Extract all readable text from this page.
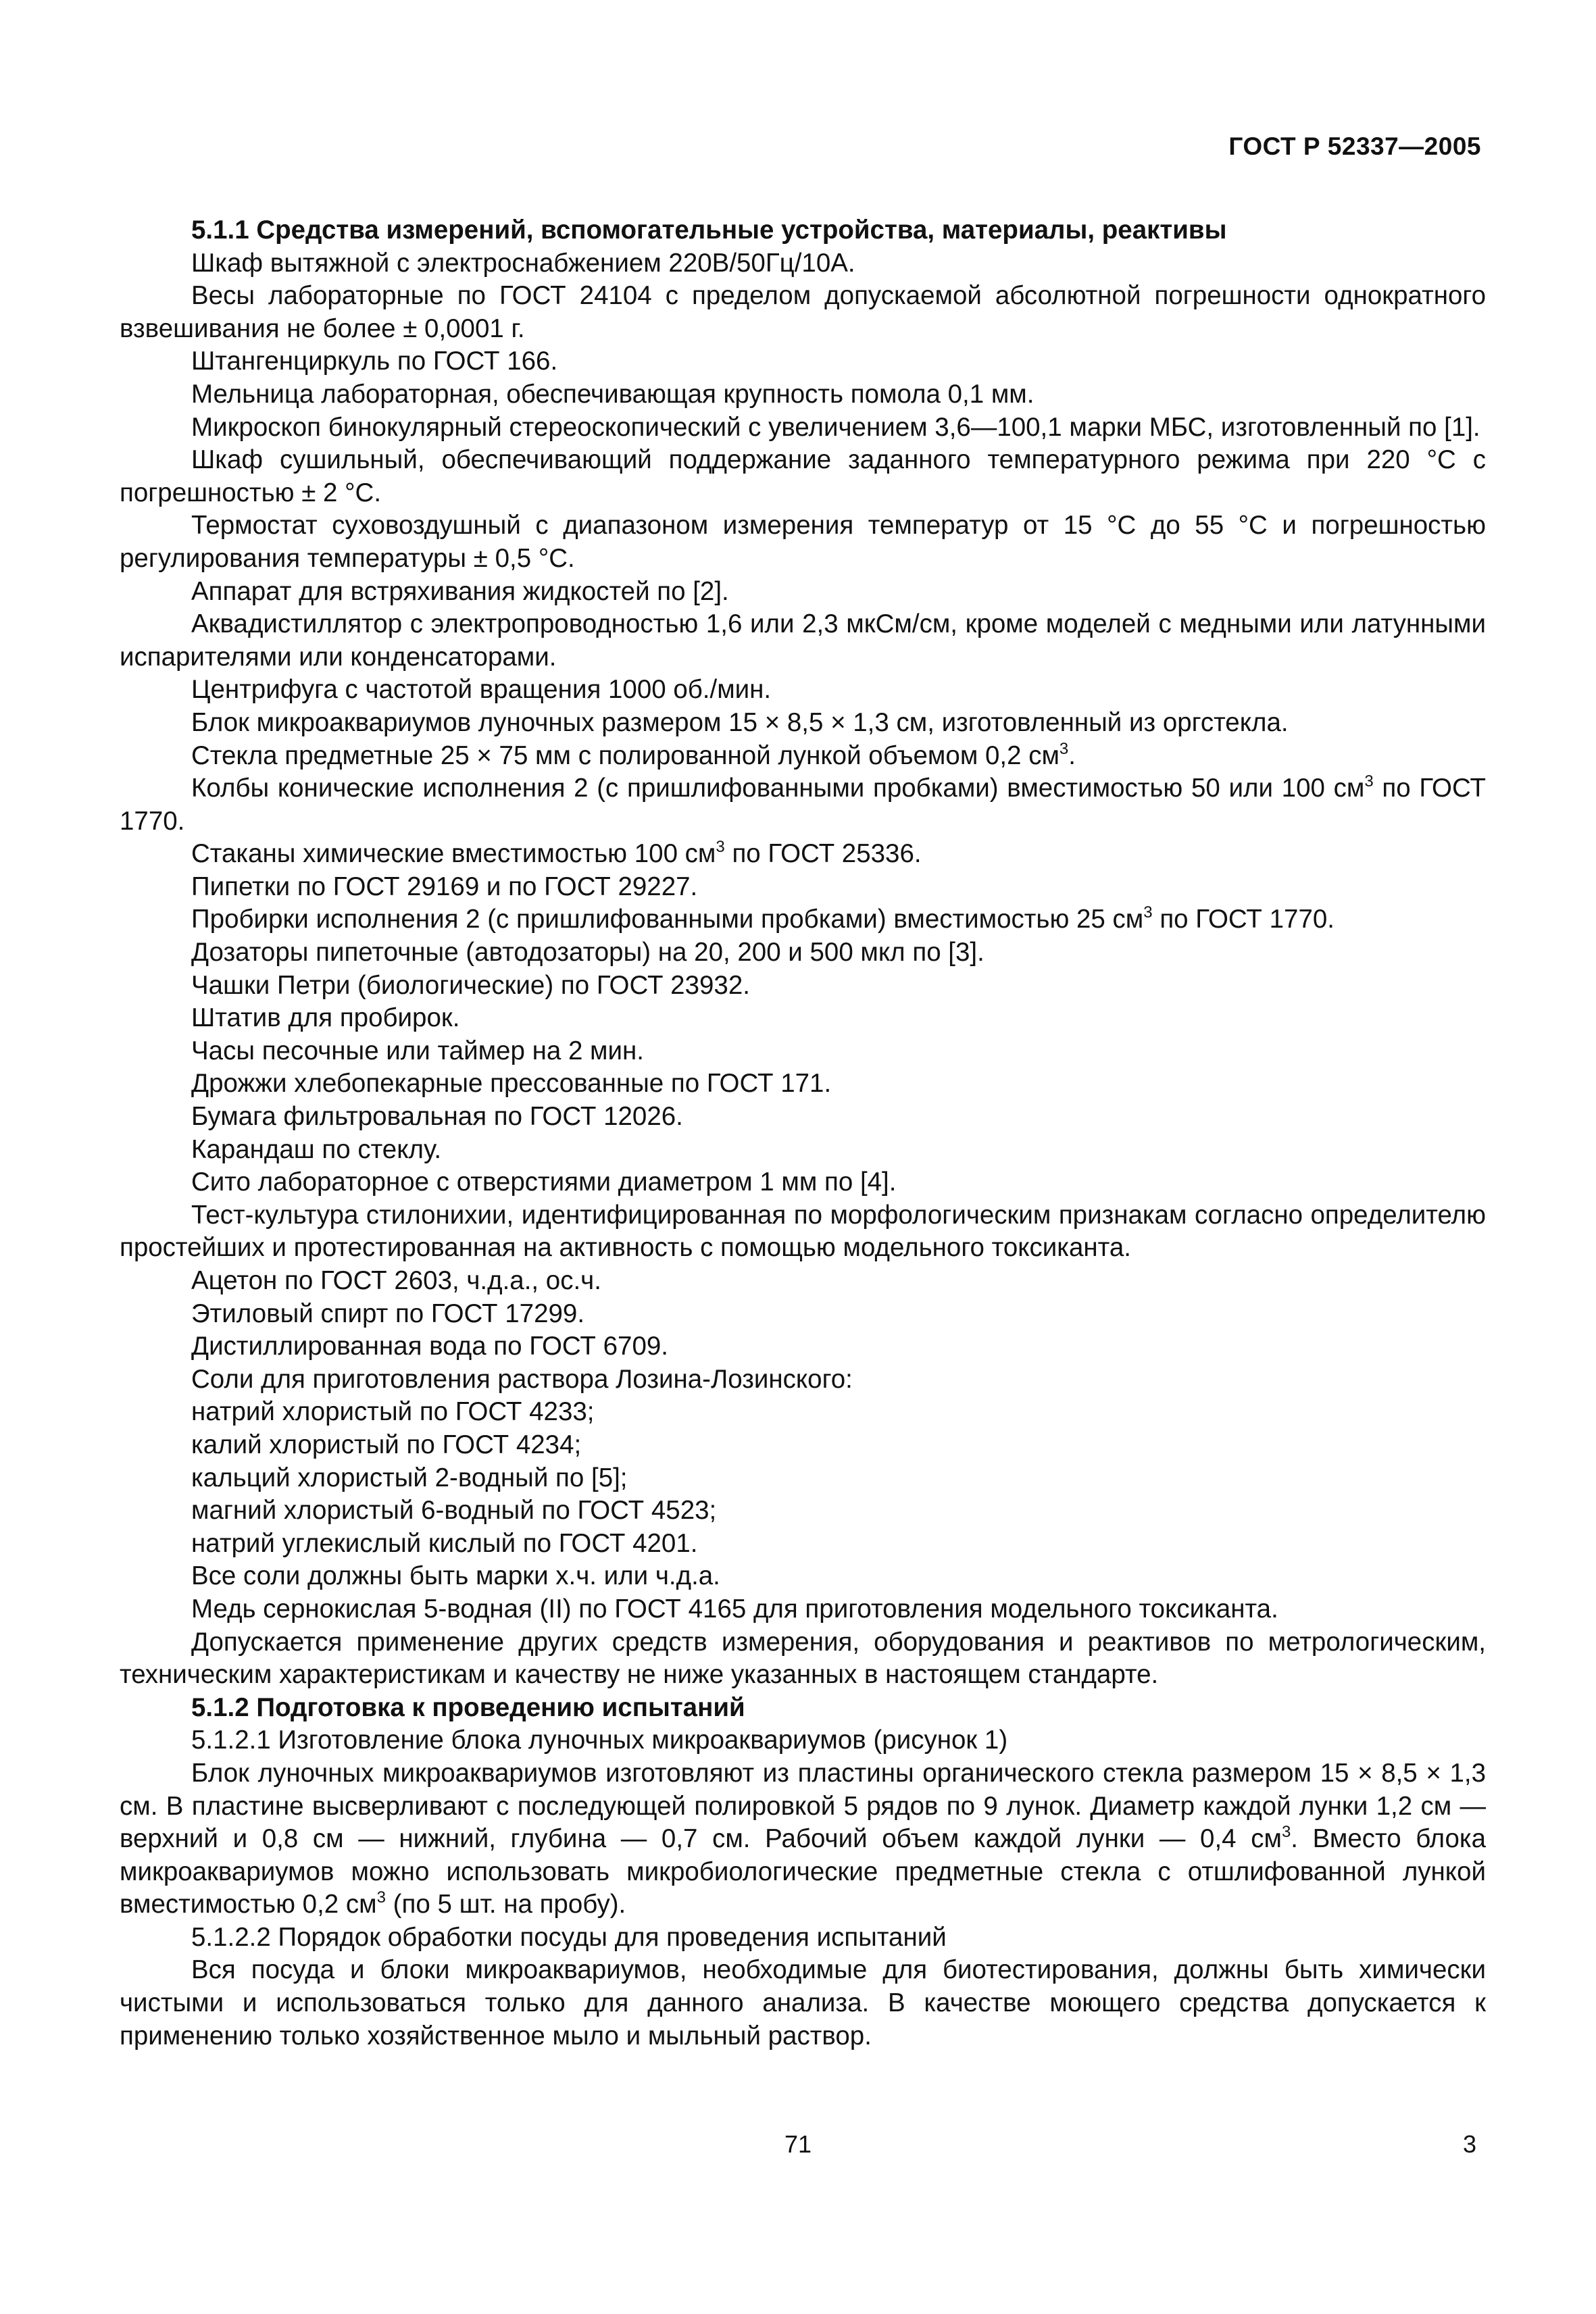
ГОСТ Р 52337—2005

5.1.1 Средства измерений, вспомогательные устройства, материалы, реактивы

Шкаф вытяжной с электроснабжением 220В/50Гц/10А.

Весы лабораторные по ГОСТ 24104 с пределом допускаемой абсолютной погрешности однократного взвешивания не более ± 0,0001 г.

Штангенциркуль по ГОСТ 166.

Мельница лабораторная, обеспечивающая крупность помола 0,1 мм.

Микроскоп бинокулярный стереоскопический с увеличением 3,6—100,1 марки МБС, изготовленный по [1].

Шкаф сушильный, обеспечивающий поддержание заданного температурного режима при 220 °С с погрешностью ± 2 °С.

Термостат суховоздушный с диапазоном измерения температур от 15 °С до 55 °С и погрешностью регулирования температуры ± 0,5 °С.

Аппарат для встряхивания жидкостей по [2].

Аквадистиллятор с электропроводностью 1,6 или 2,3 мкСм/см, кроме моделей с медными или латунными испарителями или конденсаторами.

Центрифуга с частотой вращения 1000 об./мин.

Блок микроаквариумов луночных размером 15 × 8,5 × 1,3 см, изготовленный из оргстекла.

Стекла предметные 25 × 75 мм с полированной лункой объемом 0,2 $см^3$.

Колбы конические исполнения 2 (с пришлифованными пробками) вместимостью 50 или 100 $см^3$ по ГОСТ 1770.

Стаканы химические вместимостью 100 $см^3$ по ГОСТ 25336.

Пипетки по ГОСТ 29169 и по ГОСТ 29227.

Пробирки исполнения 2 (с пришлифованными пробками) вместимостью 25 $см^3$ по ГОСТ 1770.

Дозаторы пипеточные (автодозаторы) на 20, 200 и 500 мкл по [3].

Чашки Петри (биологические) по ГОСТ 23932.

Штатив для пробирок.

Часы песочные или таймер на 2 мин.

Дрожжи хлебопекарные прессованные по ГОСТ 171.

Бумага фильтровальная по ГОСТ 12026.

Карандаш по стеклу.

Сито лабораторное с отверстиями диаметром 1 мм по [4].

Тест-культура стилонихии, идентифицированная по морфологическим признакам согласно определителю простейших и протестированная на активность с помощью модельного токсиканта.

Ацетон по ГОСТ 2603, ч.д.а., ос.ч.

Этиловый спирт по ГОСТ 17299.

Дистиллированная вода по ГОСТ 6709.

Соли для приготовления раствора Лозина-Лозинского:

натрий хлористый по ГОСТ 4233;

калий хлористый по ГОСТ 4234;

кальций хлористый 2-водный по [5];

магний хлористый 6-водный по ГОСТ 4523;

натрий углекислый кислый по ГОСТ 4201.

Все соли должны быть марки х.ч. или ч.д.а.

Медь сернокислая 5-водная (II) по ГОСТ 4165 для приготовления модельного токсиканта.

Допускается применение других средств измерения, оборудования и реактивов по метрологическим, техническим характеристикам и качеству не ниже указанных в настоящем стандарте.

5.1.2 Подготовка к проведению испытаний

5.1.2.1 Изготовление блока луночных микроаквариумов (рисунок 1)

Блок луночных микроаквариумов изготовляют из пластины органического стекла размером 15 × 8,5 × 1,3 см. В пластине высверливают с последующей полировкой 5 рядов по 9 лунок. Диаметр каждой лунки 1,2 см — верхний и 0,8 см — нижний, глубина — 0,7 см. Рабочий объем каждой лунки — 0,4 $см^3$. Вместо блока микроаквариумов можно использовать микробиологические предметные стекла с отшлифованной лункой вместимостью 0,2 $см^3$ (по 5 шт. на пробу).

5.1.2.2 Порядок обработки посуды для проведения испытаний

Вся посуда и блоки микроаквариумов, необходимые для биотестирования, должны быть химически чистыми и использоваться только для данного анализа. В качестве моющего средства допускается к применению только хозяйственное мыло и мыльный раствор.

71	3
